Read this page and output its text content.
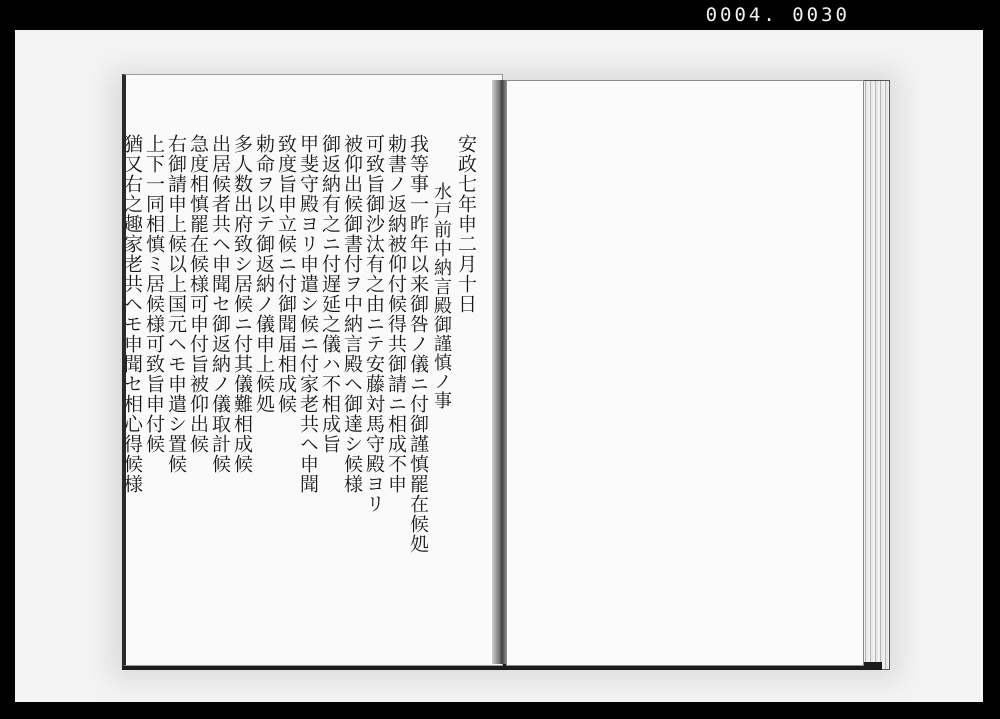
0004. 0030
安政七年申二月十日
水戸前中納言殿御謹慎ノ事
我等事一昨年以来御咎ノ儀ニ付御謹慎罷在候処
勅書ノ返納被仰付候得共御請ニ相成不申
可致旨御沙汰有之由ニテ安藤対馬守殿ヨリ
被仰出候御書付ヲ中納言殿ヘ御達シ候様
御返納有之ニ付遅延之儀ハ不相成旨
甲斐守殿ヨリ申遣シ候ニ付家老共ヘ申聞
致度旨申立候ニ付御聞届相成候
勅命ヲ以テ御返納ノ儀申上候処
多人数出府致シ居候ニ付其儀難相成候
出居候者共ヘ申聞セ御返納ノ儀取計候
急度相慎罷在候様可申付旨被仰出候
右御請申上候以上国元ヘモ申遣シ置候
上下一同相慎ミ居候様可致旨申付候
猶又右之趣家老共ヘモ申聞セ相心得候様
